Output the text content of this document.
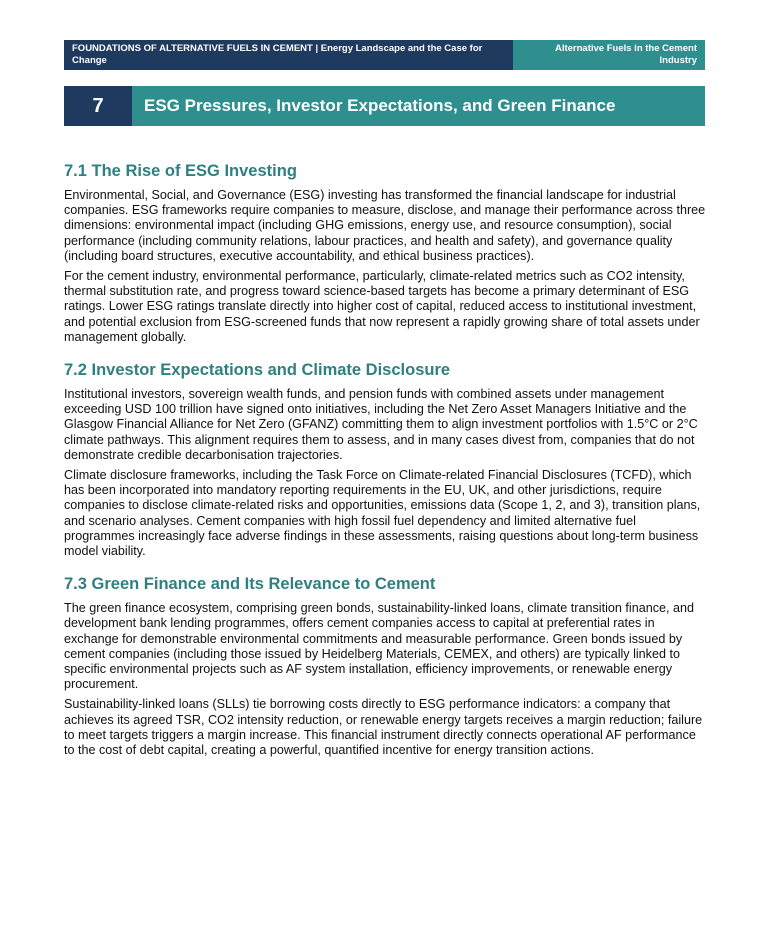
FOUNDATIONS OF ALTERNATIVE FUELS IN CEMENT | Energy Landscape and the Case for Change
Alternative Fuels in the Cement Industry
7	ESG Pressures, Investor Expectations, and Green Finance
7.1 The Rise of ESG Investing

Environmental, Social, and Governance (ESG) investing has transformed the financial landscape for industrial companies. ESG frameworks require companies to measure, disclose, and manage their performance across three dimensions: environmental impact (including GHG emissions, energy use, and resource consumption), social performance (including community relations, labour practices, and health and safety), and governance quality (including board structures, executive accountability, and ethical business practices).

For the cement industry, environmental performance, particularly, climate-related metrics such as CO2 intensity, thermal substitution rate, and progress toward science-based targets has become a primary determinant of ESG ratings. Lower ESG ratings translate directly into higher cost of capital, reduced access to institutional investment, and potential exclusion from ESG-screened funds that now represent a rapidly growing share of total assets under management globally.

7.2 Investor Expectations and Climate Disclosure

Institutional investors, sovereign wealth funds, and pension funds with combined assets under management exceeding USD 100 trillion have signed onto initiatives, including the Net Zero Asset Managers Initiative and the Glasgow Financial Alliance for Net Zero (GFANZ) committing them to align investment portfolios with 1.5°C or 2°C climate pathways. This alignment requires them to assess, and in many cases divest from, companies that do not demonstrate credible decarbonisation trajectories.

Climate disclosure frameworks, including the Task Force on Climate-related Financial Disclosures (TCFD), which has been incorporated into mandatory reporting requirements in the EU, UK, and other jurisdictions, require companies to disclose climate-related risks and opportunities, emissions data (Scope 1, 2, and 3), transition plans, and scenario analyses. Cement companies with high fossil fuel dependency and limited alternative fuel programmes increasingly face adverse findings in these assessments, raising questions about long-term business model viability.

7.3 Green Finance and Its Relevance to Cement

The green finance ecosystem, comprising green bonds, sustainability-linked loans, climate transition finance, and development bank lending programmes, offers cement companies access to capital at preferential rates in exchange for demonstrable environmental commitments and measurable performance. Green bonds issued by cement companies (including those issued by Heidelberg Materials, CEMEX, and others) are typically linked to specific environmental projects such as AF system installation, efficiency improvements, or renewable energy procurement.

Sustainability-linked loans (SLLs) tie borrowing costs directly to ESG performance indicators: a company that achieves its agreed TSR, CO2 intensity reduction, or renewable energy targets receives a margin reduction; failure to meet targets triggers a margin increase. This financial instrument directly connects operational AF performance to the cost of debt capital, creating a powerful, quantified incentive for energy transition actions.
